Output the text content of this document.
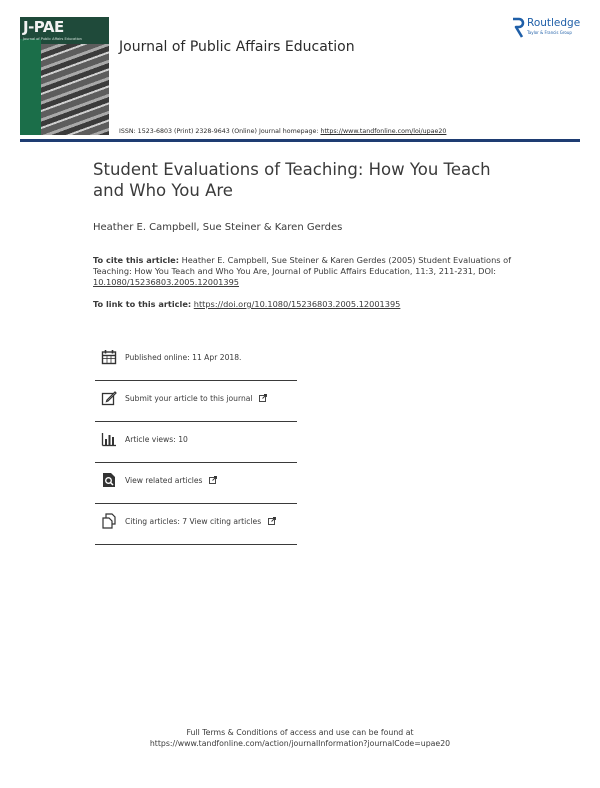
J-PAE
Journal of Public Affairs Education	Journal of Public Affairs Education
Routledge
Taylor & Francis Group
ISSN: 1523-6803 (Print) 2328-9643 (Online) Journal homepage: https://www.tandfonline.com/loi/upae20
Student Evaluations of Teaching: How You Teach and Who You Are
Heather E. Campbell, Sue Steiner & Karen Gerdes
To cite this article: Heather E. Campbell, Sue Steiner & Karen Gerdes (2005) Student Evaluations of Teaching: How You Teach and Who You Are, Journal of Public Affairs Education, 11:3, 211-231, DOI: 10.1080/15236803.2005.12001395
To link to this article: https://doi.org/10.1080/15236803.2005.12001395
Published online: 11 Apr 2018.
Submit your article to this journal
Article views: 10
View related articles
Citing articles: 7 View citing articles
Full Terms & Conditions of access and use can be found at
https://www.tandfonline.com/action/journalInformation?journalCode=upae20
